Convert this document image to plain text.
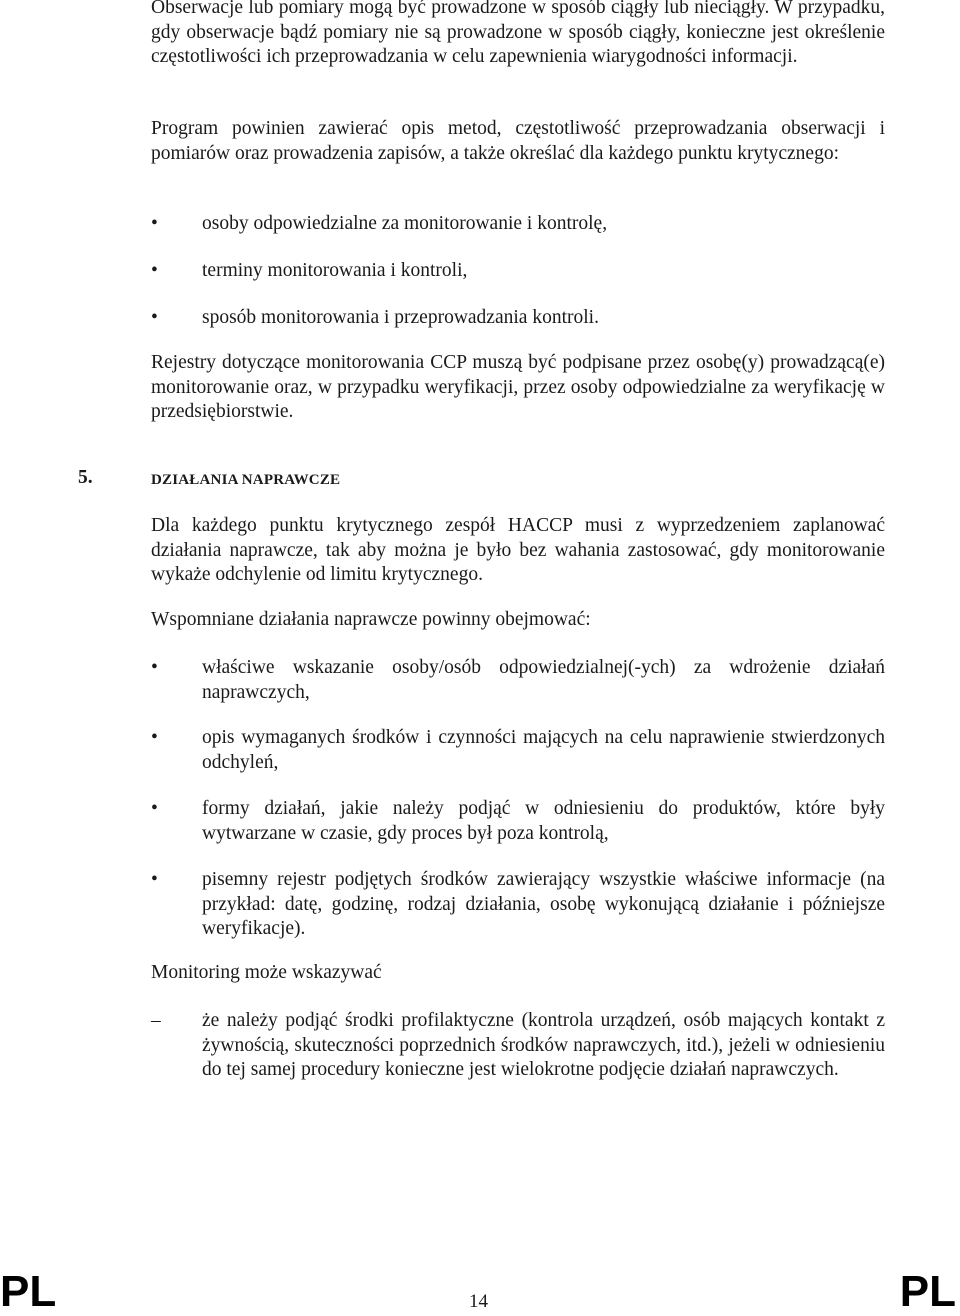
Obserwacje lub pomiary mogą być prowadzone w sposób ciągły lub nieciągły. W przypadku, gdy obserwacje bądź pomiary nie są prowadzone w sposób ciągły, konieczne jest określenie częstotliwości ich przeprowadzania w celu zapewnienia wiarygodności informacji.

Program powinien zawierać opis metod, częstotliwość przeprowadzania obserwacji i pomiarów oraz prowadzenia zapisów, a także określać dla każdego punktu krytycznego:

•	osoby odpowiedzialne za monitorowanie i kontrolę,
•	terminy monitorowania i kontroli,
•	sposób monitorowania i przeprowadzania kontroli.

Rejestry dotyczące monitorowania CCP muszą być podpisane przez osobę(y) prowadzącą(e) monitorowanie oraz, w przypadku weryfikacji, przez osoby odpowiedzialne za weryfikację w przedsiębiorstwie.

5.	DZIAŁANIA NAPRAWCZE

Dla każdego punktu krytycznego zespół HACCP musi z wyprzedzeniem zaplanować działania naprawcze, tak aby można je było bez wahania zastosować, gdy monitorowanie wykaże odchylenie od limitu krytycznego.

Wspomniane działania naprawcze powinny obejmować:

•	właściwe wskazanie osoby/osób odpowiedzialnej(-ych) za wdrożenie działań naprawczych,
•	opis wymaganych środków i czynności mających na celu naprawienie stwierdzonych odchyleń,
•	formy działań, jakie należy podjąć w odniesieniu do produktów, które były wytwarzane w czasie, gdy proces był poza kontrolą,
•	pisemny rejestr podjętych środków zawierający wszystkie właściwe informacje (na przykład: datę, godzinę, rodzaj działania, osobę wykonującą działanie i późniejsze weryfikacje).

Monitoring może wskazywać

–	że należy podjąć środki profilaktyczne (kontrola urządzeń, osób mających kontakt z żywnością, skuteczności poprzednich środków naprawczych, itd.), jeżeli w odniesieniu do tej samej procedury konieczne jest wielokrotne podjęcie działań naprawczych.
PL	14	PL
